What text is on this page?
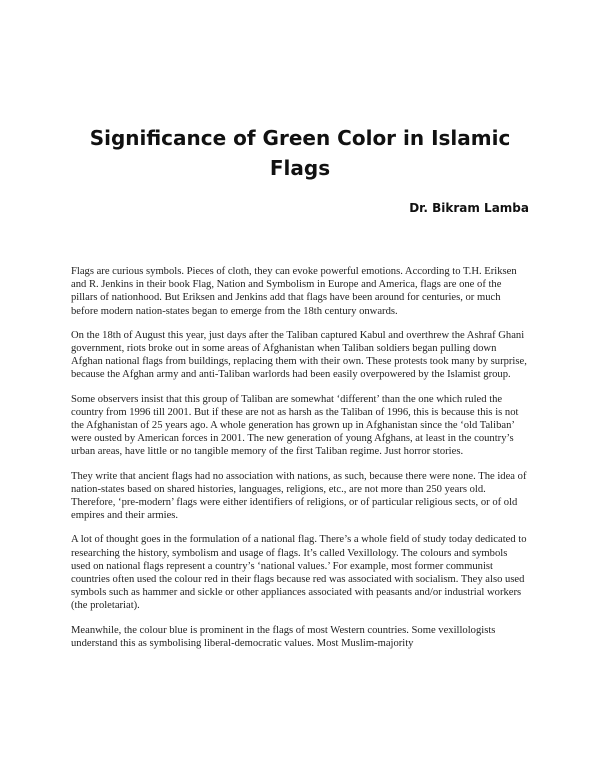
Significance of Green Color in Islamic Flags
Dr. Bikram Lamba

Flags are curious symbols. Pieces of cloth, they can evoke powerful emotions. According to T.H. Eriksen and R. Jenkins in their book Flag, Nation and Symbolism in Europe and America, flags are one of the pillars of nationhood. But Eriksen and Jenkins add that flags have been around for centuries, or much before modern nation-states began to emerge from the 18th century onwards.

On the 18th of August this year, just days after the Taliban captured Kabul and overthrew the Ashraf Ghani government, riots broke out in some areas of Afghanistan when Taliban soldiers began pulling down Afghan national flags from buildings, replacing them with their own. These protests took many by surprise, because the Afghan army and anti-Taliban warlords had been easily overpowered by the Islamist group.

Some observers insist that this group of Taliban are somewhat ‘different’ than the one which ruled the country from 1996 till 2001. But if these are not as harsh as the Taliban of 1996, this is because this is not the Afghanistan of 25 years ago. A whole generation has grown up in Afghanistan since the ‘old Taliban’ were ousted by American forces in 2001. The new generation of young Afghans, at least in the country’s urban areas, have little or no tangible memory of the first Taliban regime. Just horror stories.

They write that ancient flags had no association with nations, as such, because there were none. The idea of nation-states based on shared histories, languages, religions, etc., are not more than 250 years old. Therefore, ‘pre-modern’ flags were either identifiers of religions, or of particular religious sects, or of old empires and their armies.

A lot of thought goes in the formulation of a national flag. There’s a whole field of study today dedicated to researching the history, symbolism and usage of flags. It’s called Vexillology. The colours and symbols used on national flags represent a country’s ‘national values.’ For example, most former communist countries often used the colour red in their flags because red was associated with socialism. They also used symbols such as hammer and sickle or other appliances associated with peasants and/or industrial workers (the proletariat).

Meanwhile, the colour blue is prominent in the flags of most Western countries. Some vexillologists understand this as symbolising liberal-democratic values. Most Muslim-majority
